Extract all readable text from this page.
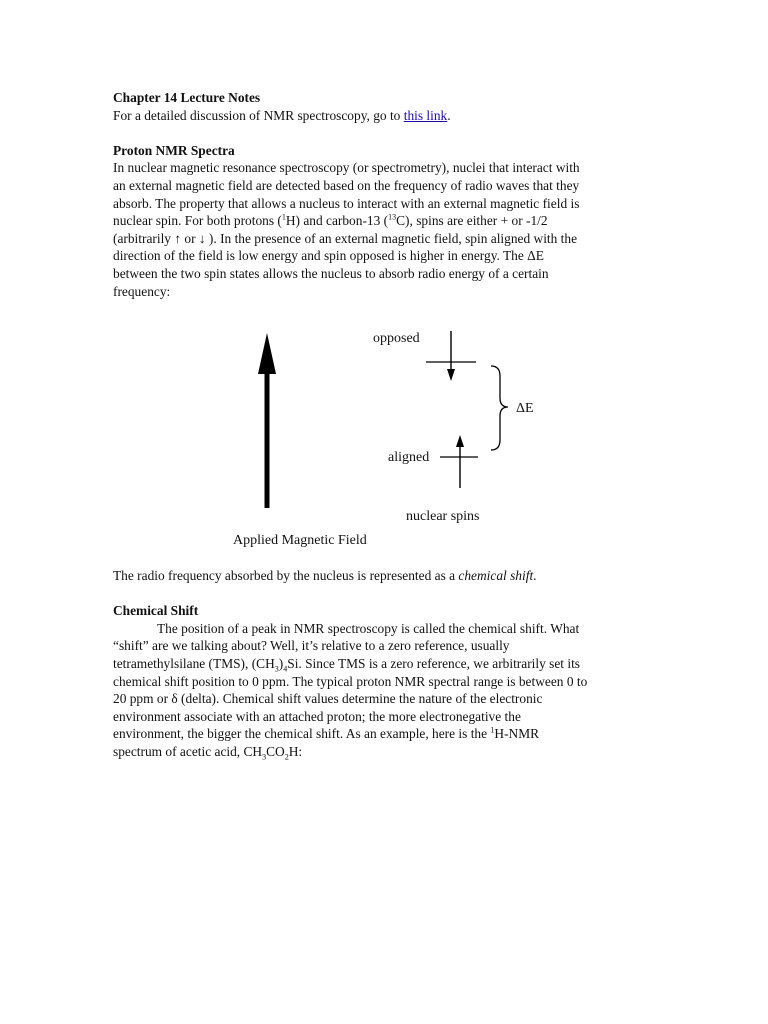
Chapter 14 Lecture Notes

For a detailed discussion of NMR spectroscopy, go to this link.

Proton NMR Spectra

In nuclear magnetic resonance spectroscopy (or spectrometry), nuclei that interact with

an external magnetic field are detected based on the frequency of radio waves that they

absorb. The property that allows a nucleus to interact with an external magnetic field is

nuclear spin. For both protons ($^1$H) and carbon-13 ($^{13}$C), spins are either + or -1/2

(arbitrarily ↑ or ↓ ). In the presence of an external magnetic field, spin aligned with the

direction of the field is low energy and spin opposed is higher in energy. The ΔE

between the two spin states allows the nucleus to absorb radio energy of a certain

frequency:

opposed
aligned
ΔE
nuclear spins
Applied Magnetic Field

The radio frequency absorbed by the nucleus is represented as a chemical shift.

Chemical Shift

The position of a peak in NMR spectroscopy is called the chemical shift. What

“shift” are we talking about? Well, it’s relative to a zero reference, usually

tetramethylsilane (TMS), $(CH_3)_4Si$. Since TMS is a zero reference, we arbitrarily set its

chemical shift position to 0 ppm. The typical proton NMR spectral range is between 0 to

20 ppm or δ (delta). Chemical shift values determine the nature of the electronic

environment associate with an attached proton; the more electronegative the

environment, the bigger the chemical shift. As an example, here is the $^1$H-NMR

spectrum of acetic acid, $CH_3CO_2H$:
